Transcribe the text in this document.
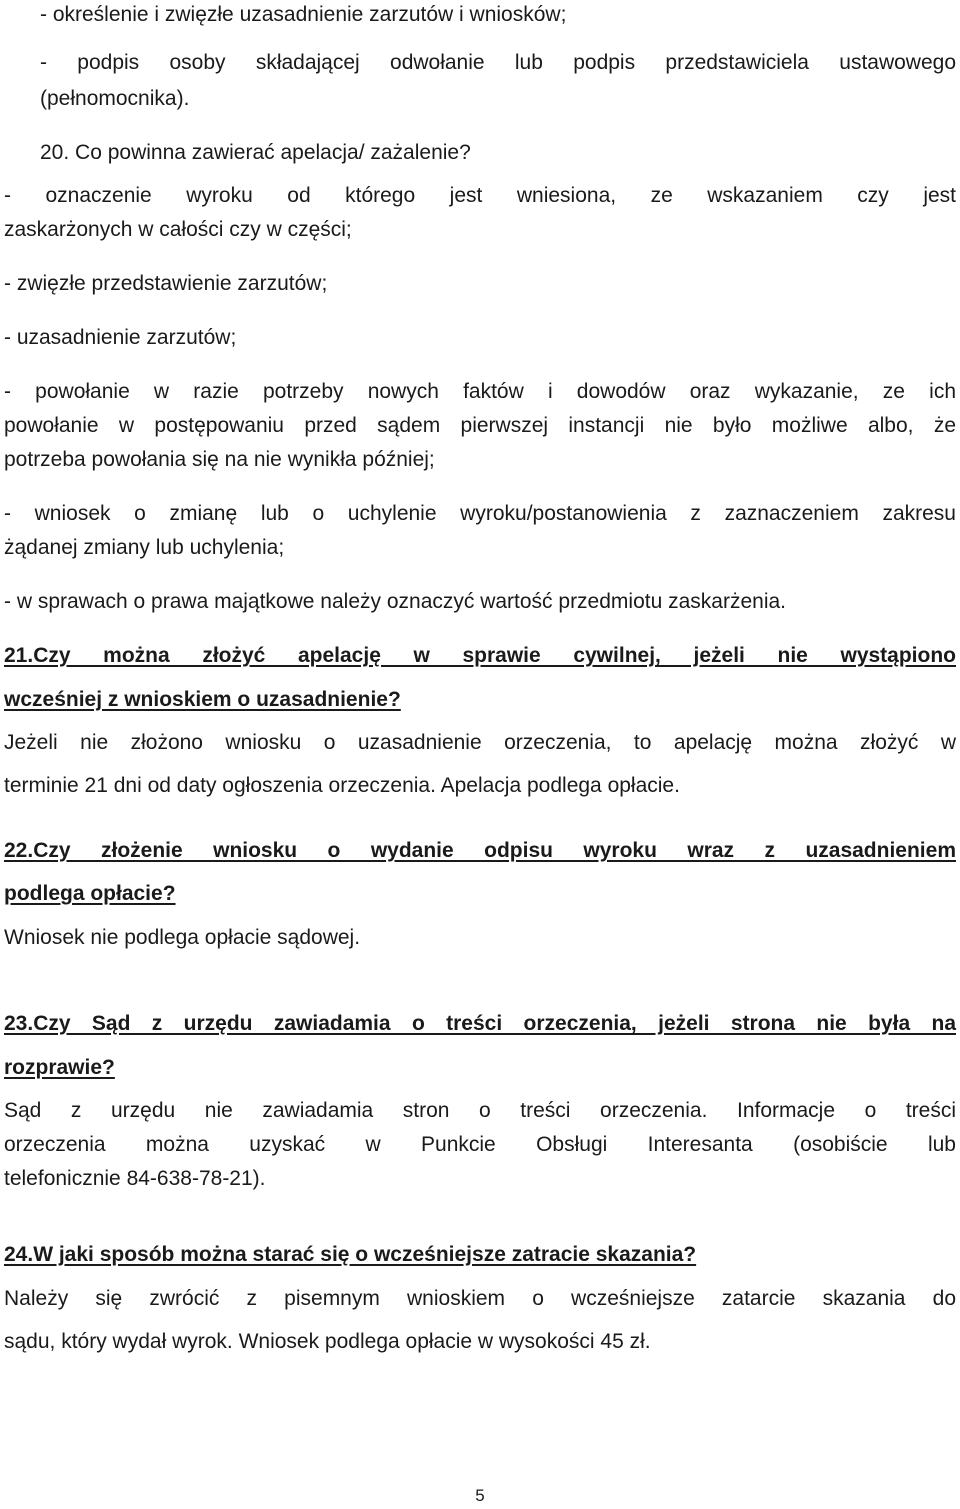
- określenie i zwięzłe uzasadnienie zarzutów i wniosków;
- podpis osoby składającej odwołanie lub podpis przedstawiciela ustawowego
(pełnomocnika).
20. Co powinna zawierać apelacja/ zażalenie?
- oznaczenie wyroku od którego jest wniesiona, ze wskazaniem czy jest
zaskarżonych w całości czy w części;
- zwięzłe przedstawienie zarzutów;
- uzasadnienie zarzutów;
- powołanie w razie potrzeby nowych faktów i dowodów oraz wykazanie, ze ich
powołanie w postępowaniu przed sądem pierwszej instancji nie było możliwe albo, że
potrzeba powołania się na nie wynikła później;
- wniosek o zmianę lub o uchylenie wyroku/postanowienia z zaznaczeniem zakresu
żądanej zmiany lub uchylenia;
- w sprawach o prawa majątkowe należy oznaczyć wartość przedmiotu zaskarżenia.
21.Czy można złożyć apelację w sprawie cywilnej, jeżeli nie wystąpiono
wcześniej z wnioskiem o uzasadnienie?
Jeżeli nie złożono wniosku o uzasadnienie orzeczenia, to apelację można złożyć w
terminie 21 dni od daty ogłoszenia orzeczenia. Apelacja podlega opłacie.
22.Czy złożenie wniosku o wydanie odpisu wyroku wraz z uzasadnieniem
podlega opłacie?
Wniosek nie podlega opłacie sądowej.
23.Czy Sąd z urzędu zawiadamia o treści orzeczenia, jeżeli strona nie była na
rozprawie?
Sąd z urzędu nie zawiadamia stron o treści orzeczenia. Informacje o treści
orzeczenia można uzyskać w Punkcie Obsługi Interesanta (osobiście lub
telefonicznie 84-638-78-21).
24.W jaki sposób można starać się o wcześniejsze zatracie skazania?
Należy się zwrócić z pisemnym wnioskiem o wcześniejsze zatarcie skazania do
sądu, który wydał wyrok. Wniosek podlega opłacie w wysokości 45 zł.
5
